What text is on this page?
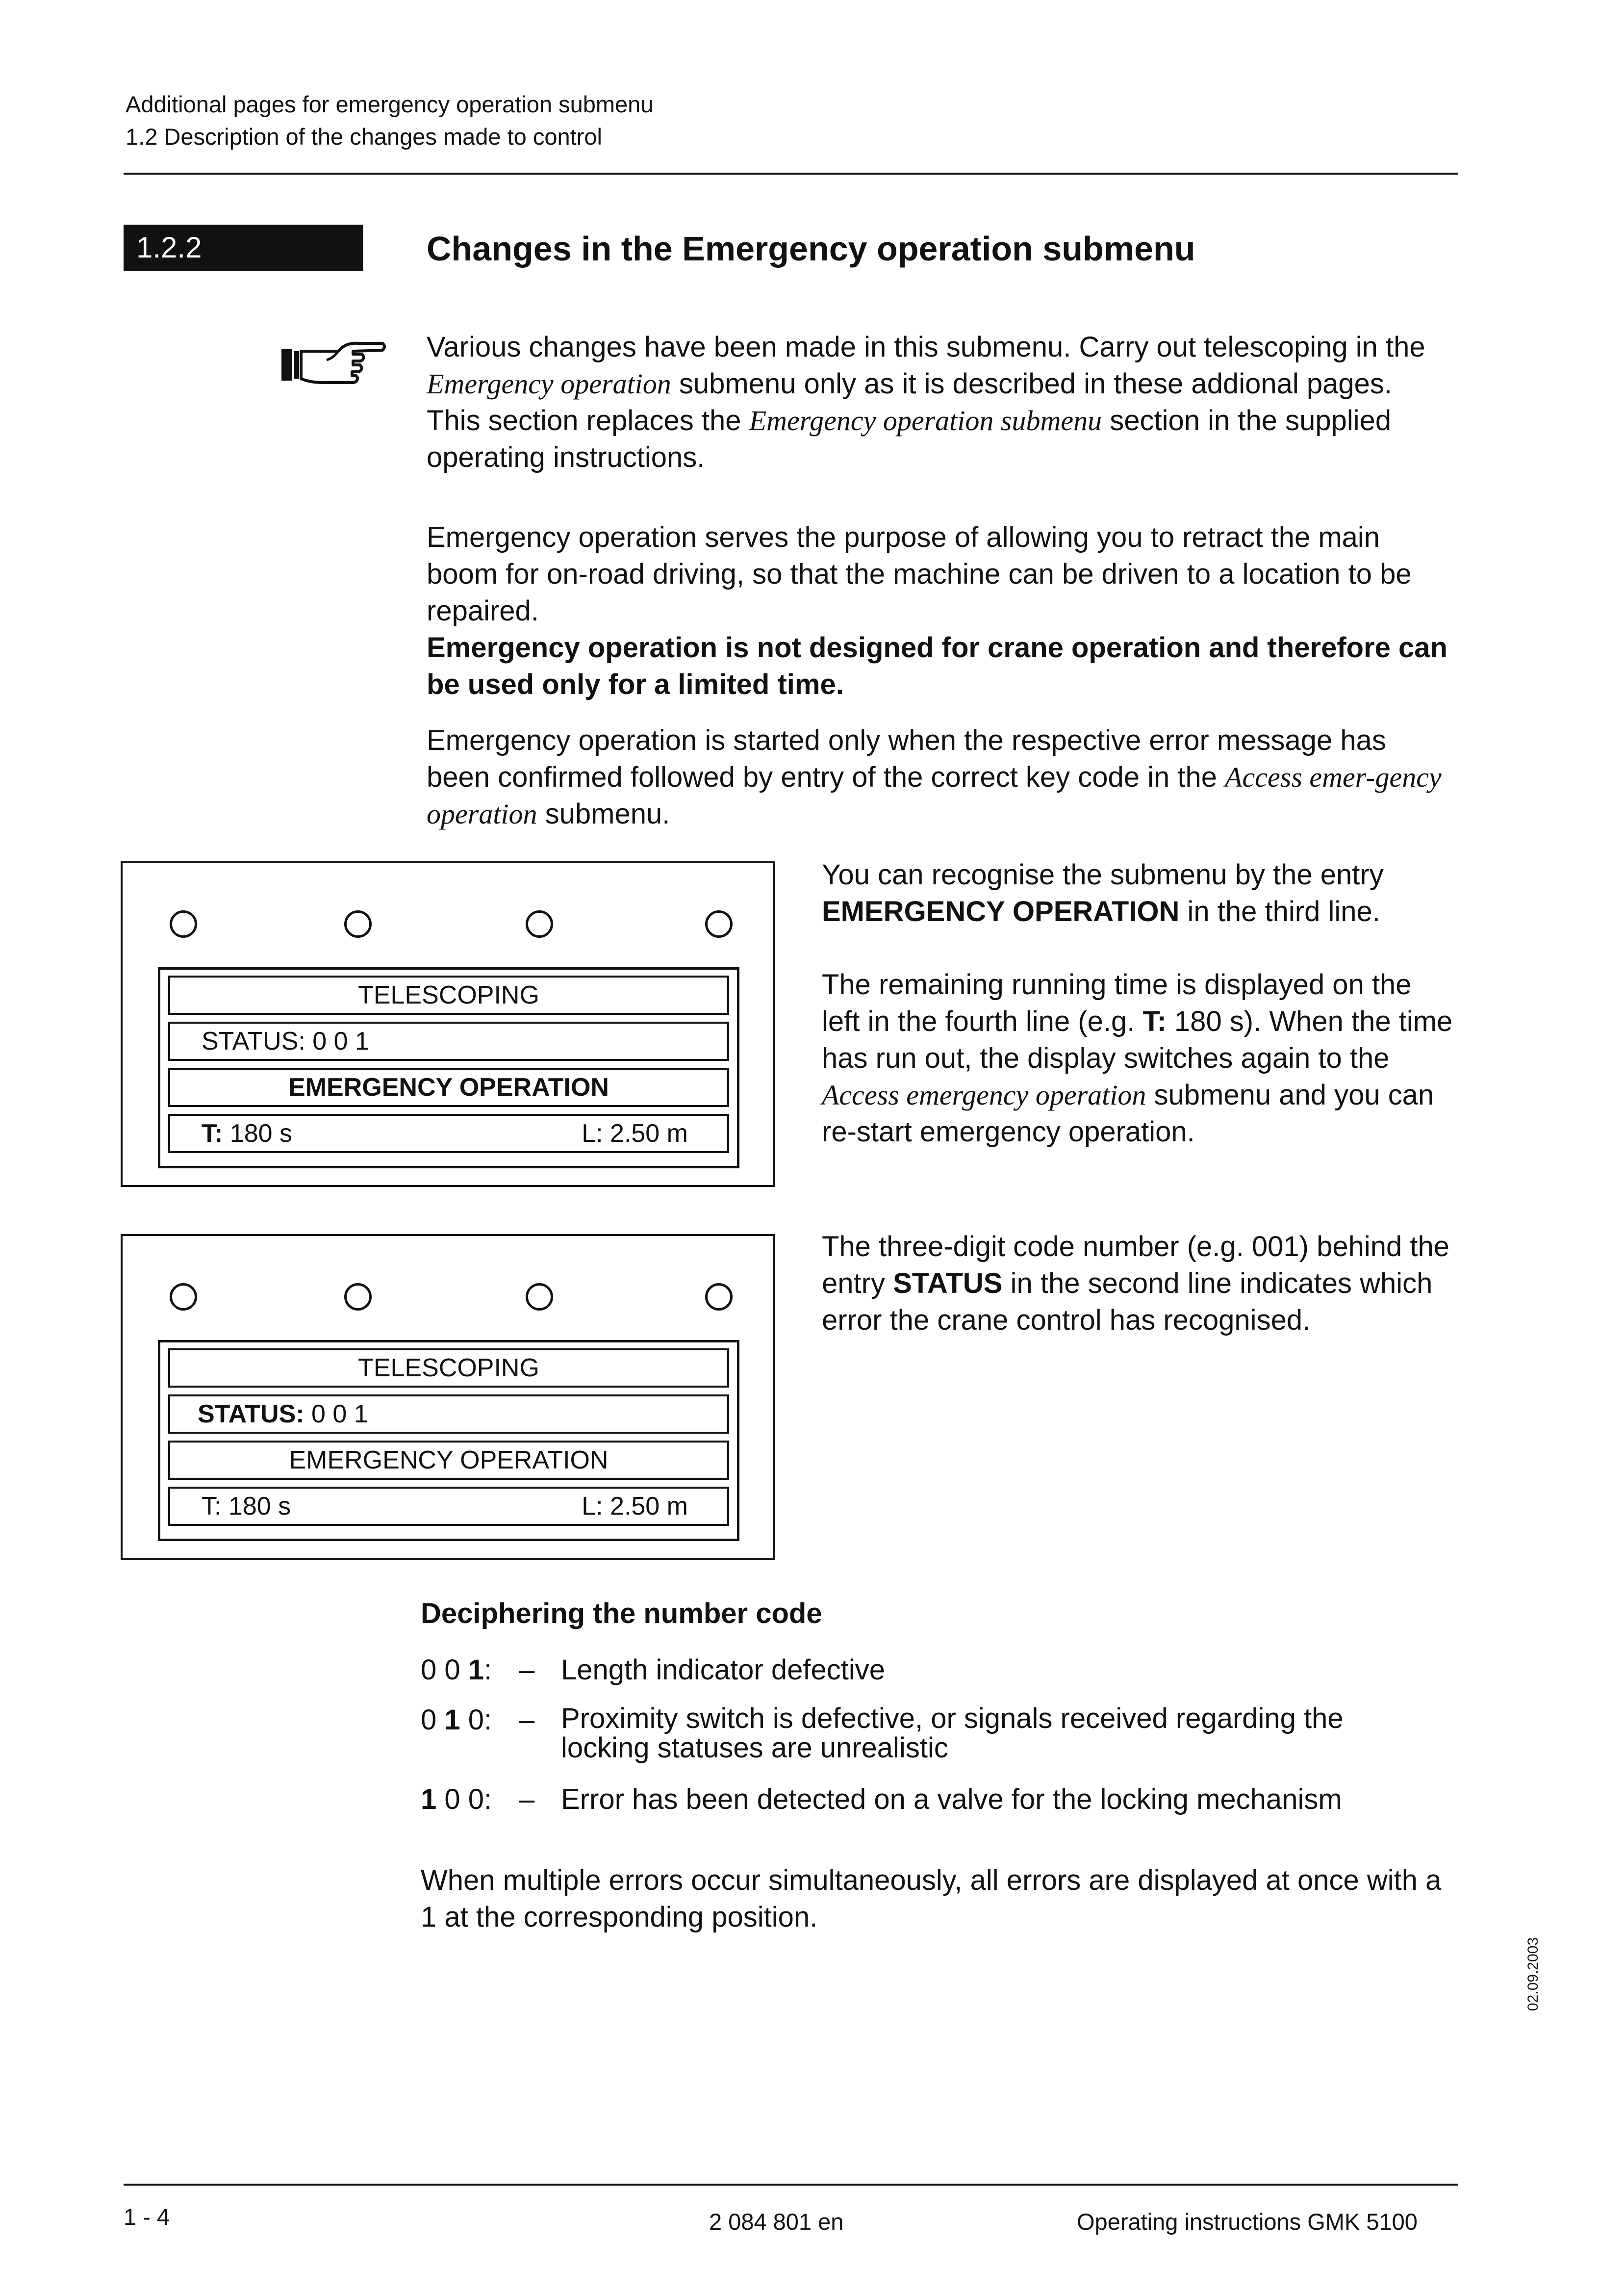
Additional pages for emergency operation submenu
1.2 Description of the changes made to control
1.2.2	Changes in the Emergency operation submenu

Various changes have been made in this submenu. Carry out telescoping in the Emergency operation submenu only as it is described in these addional pages. This section replaces the Emergency operation submenu section in the supplied operating instructions.

Emergency operation serves the purpose of allowing you to retract the main boom for on-road driving, so that the machine can be driven to a location to be repaired.

Emergency operation is not designed for crane operation and therefore can be used only for a limited time.

Emergency operation is started only when the respective error message has been confirmed followed by entry of the correct key code in the Access emer-gency operation submenu.

TELESCOPING
STATUS: 0 0 1
EMERGENCY OPERATION
T: 180 s	L: 2.50 m
TELESCOPING
STATUS: 0 0 1
EMERGENCY OPERATION
T: 180 s	L: 2.50 m

You can recognise the submenu by the entry EMERGENCY OPERATION in the third line.

The remaining running time is displayed on the left in the fourth line (e.g. T: 180 s). When the time has run out, the display switches again to the Access emergency operation submenu and you can re-start emergency operation.

The three-digit code number (e.g. 001) behind the entry STATUS in the second line indicates which error the crane control has recognised.

Deciphering the number code
0 0 1: – Length indicator defective
0 1 0: – Proximity switch is defective, or signals received regarding the locking statuses are unrealistic
1 0 0: – Error has been detected on a valve for the locking mechanism
When multiple errors occur simultaneously, all errors are displayed at once with a 1 at the corresponding position.
02.09.2003
1 - 4	2 084 801 en	Operating instructions GMK 5100
